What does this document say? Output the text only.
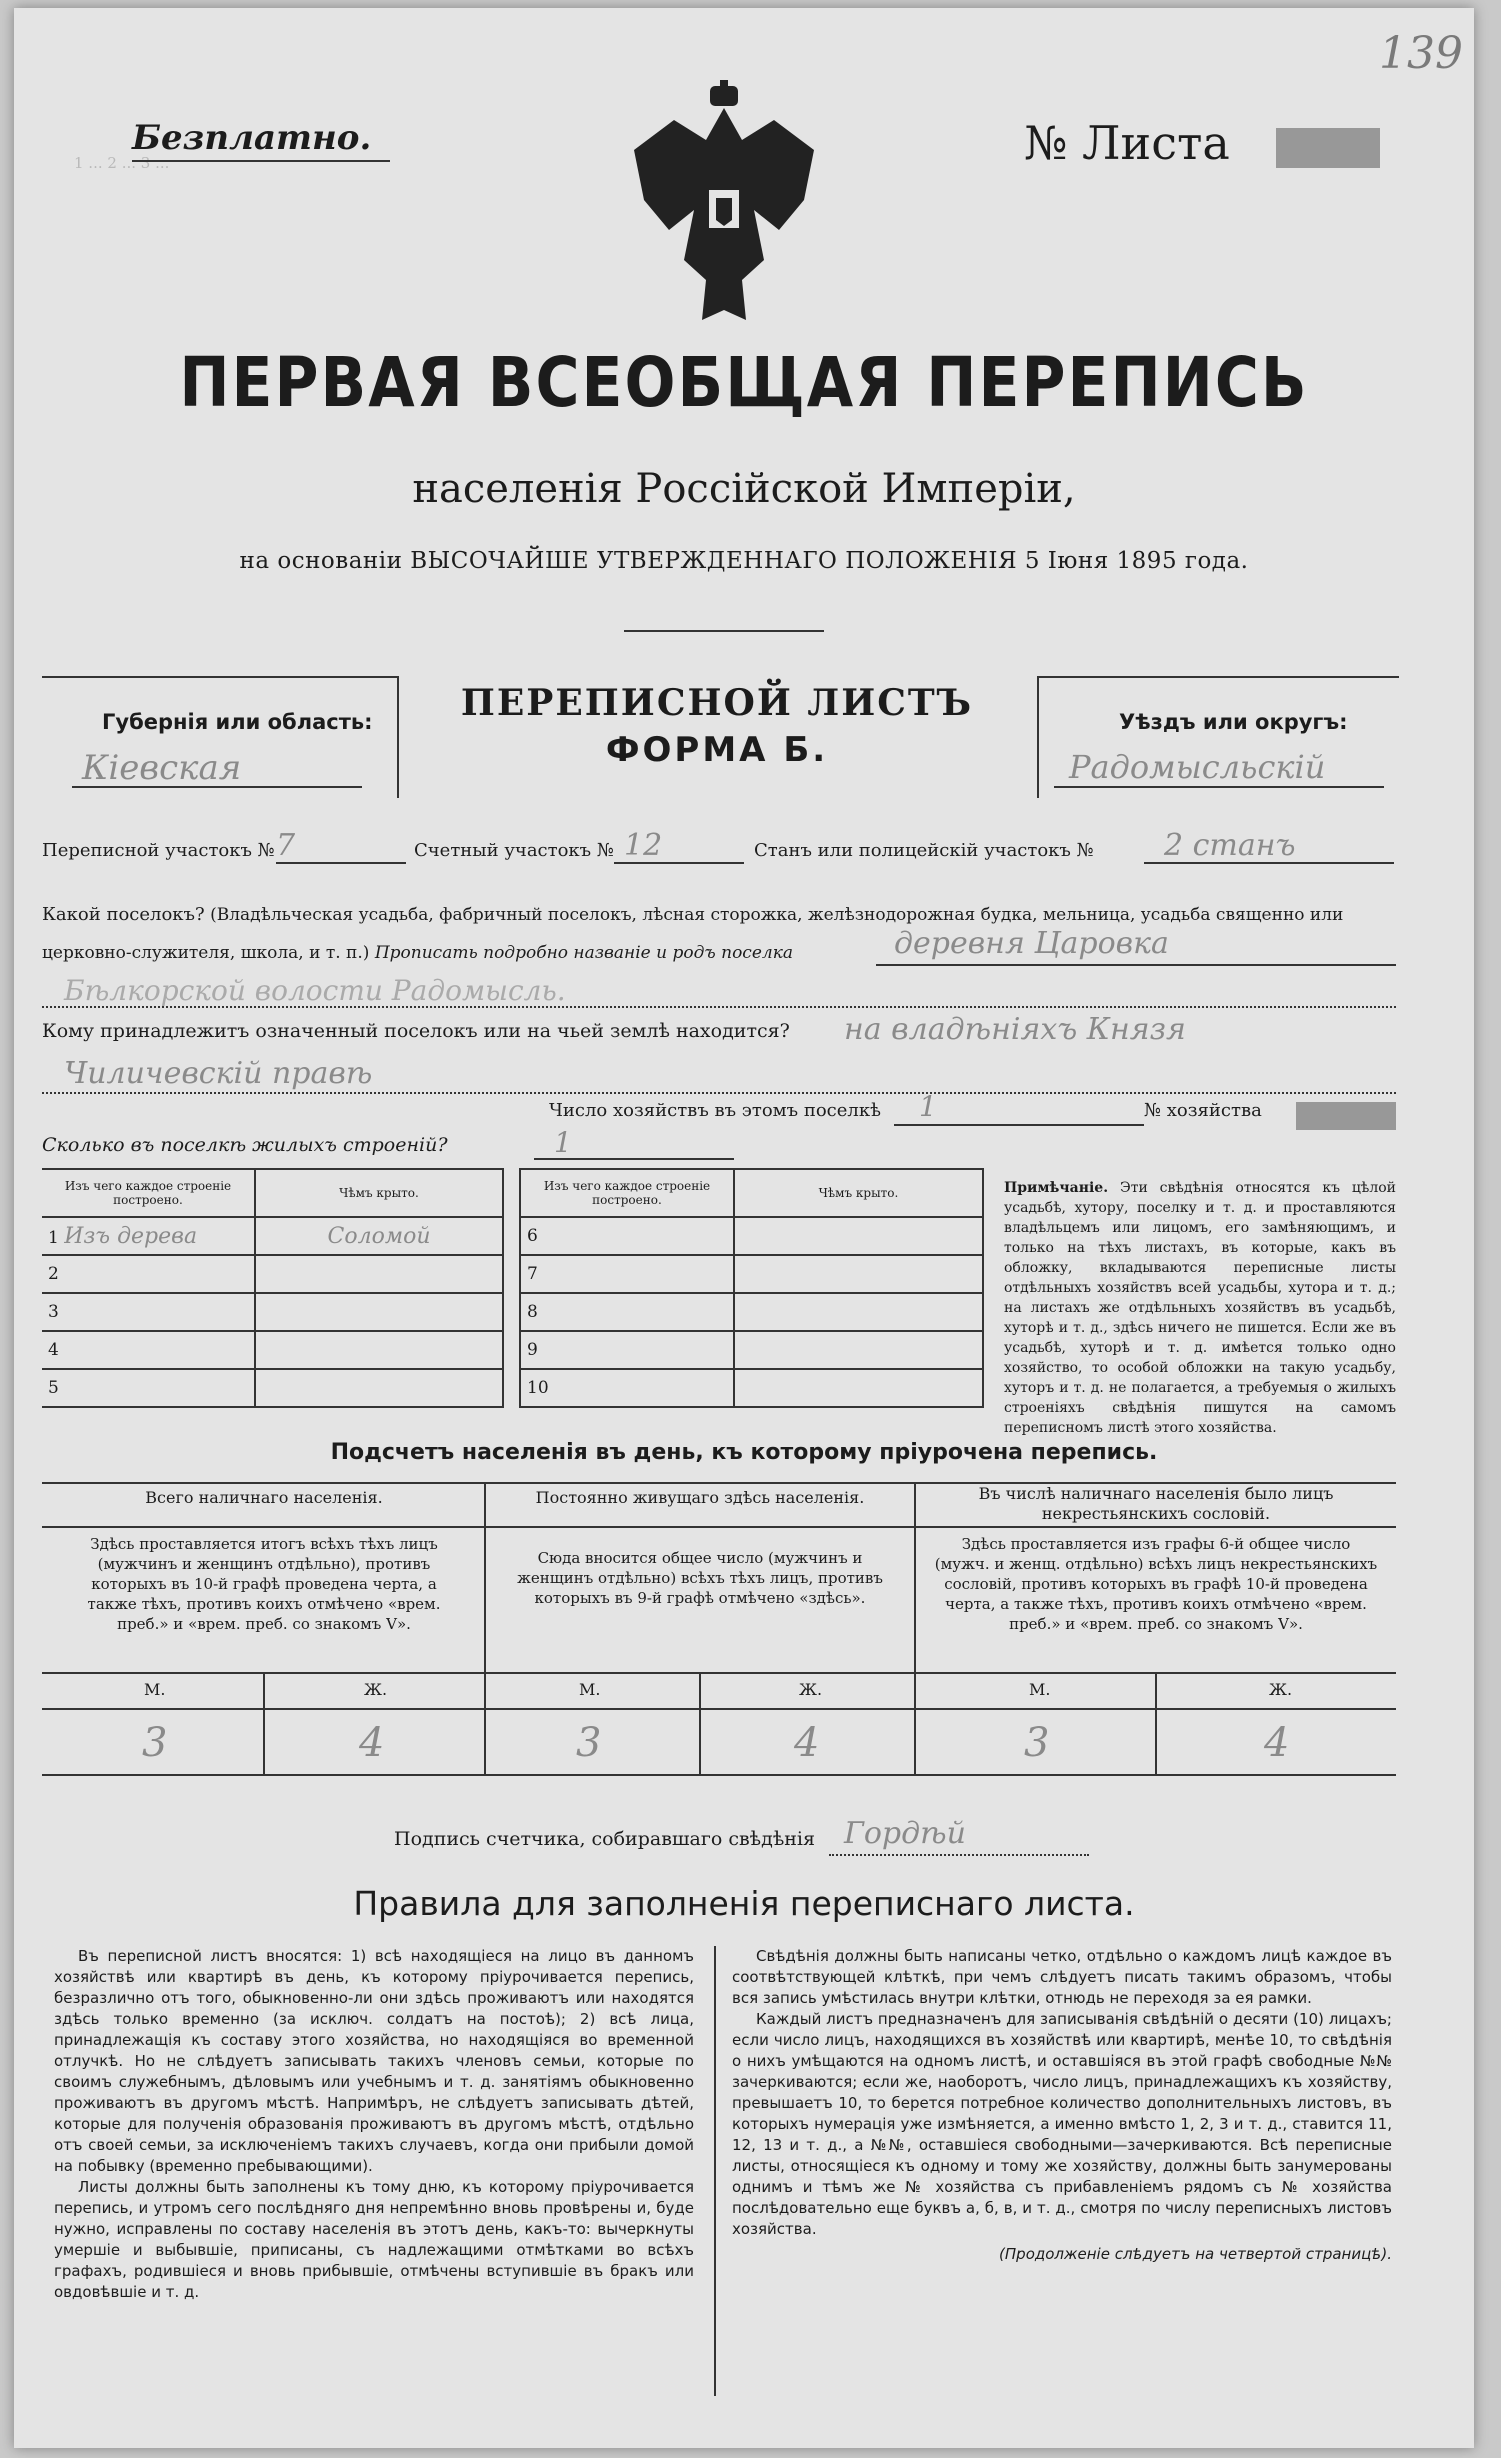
1 ... 2 ... 3 ...
139
Безплатно.	№ Листа
ПЕРВАЯ ВСЕОБЩАЯ ПЕРЕПИСЬ
населенія Россійской Имперіи,
на основаніи ВЫСОЧАЙШЕ УТВЕРЖДЕННАГО ПОЛОЖЕНІЯ 5 Іюня 1895 года.
Губернія или область:
Кіевская
ПЕРЕПИСНОЙ ЛИСТЪ
ФОРМА Б.
Уѣздъ или округъ:
Радомысльскій
Переписной участокъ № 7	Счетный участокъ № 12	Станъ или полицейскій участокъ № 2 станъ
Какой поселокъ? (Владѣльческая усадьба, фабричный поселокъ, лѣсная сторожка, желѣзнодорожная будка, мельница, усадьба священно или церковно-служителя, школа, и т. п.) Прописать подробно названіе и родъ поселка	деревня Царовка
Бѣлкорской волости Радомысль.
Кому принадлежитъ означенный поселокъ или на чьей землѣ находится? на владѣніяхъ Князя
Чиличевскій правѣ
Число хозяйствъ въ этомъ поселкѣ 1	№ хозяйства
Сколько въ поселкѣ жилыхъ строеній?	1
Изъ чего каждое строеніе построено.	Чѣмъ крыто.
1 Изъ дерева	Соломой
2	
3	
4	
5	
Изъ чего каждое строеніе построено.	Чѣмъ крыто.
6	
7	
8	
9	
10	
Примѣчаніе. Эти свѣдѣнія относятся къ цѣлой усадьбѣ, хутору, поселку и т. д. и проставляются владѣльцемъ или лицомъ, его замѣняющимъ, и только на тѣхъ листахъ, въ которые, какъ въ обложку, вкладываются переписные листы отдѣльныхъ хозяйствъ всей усадьбы, хутора и т. д.; на листахъ же отдѣльныхъ хозяйствъ въ усадьбѣ, хуторѣ и т. д., здѣсь ничего не пишется. Если же въ усадьбѣ, хуторѣ и т. д. имѣется только одно хозяйство, то особой обложки на такую усадьбу, хуторъ и т. д. не полагается, а требуемыя о жилыхъ строеніяхъ свѣдѣнія пишутся на самомъ переписномъ листѣ этого хозяйства.
Подсчетъ населенія въ день, къ которому пріурочена перепись.
Всего наличнаго населенія.
Здѣсь проставляется итогъ всѣхъ тѣхъ лицъ (мужчинъ и женщинъ отдѣльно), противъ которыхъ въ 10-й графѣ проведена черта, а также тѣхъ, противъ коихъ отмѣчено «врем. преб.» и «врем. преб. со знакомъ V».
Постоянно живущаго здѣсь населенія.
Сюда вносится общее число (мужчинъ и женщинъ отдѣльно) всѣхъ тѣхъ лицъ, противъ которыхъ въ 9-й графѣ отмѣчено «здѣсь».
Въ числѣ наличнаго населенія было лицъ некрестьянскихъ сословій.
Здѣсь проставляется изъ графы 6-й общее число (мужч. и женщ. отдѣльно) всѣхъ лицъ некрестьянскихъ сословій, противъ которыхъ въ графѣ 10-й проведена черта, а также тѣхъ, противъ коихъ отмѣчено «врем. преб.» и «врем. преб. со знакомъ V».
М.	Ж.	М.	Ж.	М.	Ж.
3	4	3	4	3	4
Подпись счетчика, собиравшаго свѣдѣнія Гордѣй
Правила для заполненія переписнаго листа.
Въ переписной листъ вносятся: 1) всѣ находящіеся на лицо въ данномъ хозяйствѣ или квартирѣ въ день, къ которому пріурочивается перепись, безразлично отъ того, обыкновенно-ли они здѣсь проживаютъ или находятся здѣсь только временно (за исключ. солдатъ на постоѣ); 2) всѣ лица, принадлежащія къ составу этого хозяйства, но находящіяся во временной отлучкѣ. Но не слѣдуетъ записывать такихъ членовъ семьи, которые по своимъ служебнымъ, дѣловымъ или учебнымъ и т. д. занятіямъ обыкновенно проживаютъ въ другомъ мѣстѣ. Напримѣръ, не слѣдуетъ записывать дѣтей, которые для полученія образованія проживаютъ въ другомъ мѣстѣ, отдѣльно отъ своей семьи, за исключеніемъ такихъ случаевъ, когда они прибыли домой на побывку (временно пребывающими).
Листы должны быть заполнены къ тому дню, къ которому пріурочивается перепись, и утромъ сего послѣдняго дня непремѣнно вновь провѣрены и, буде нужно, исправлены по составу населенія въ этотъ день, какъ-то: вычеркнуты умершіе и выбывшіе, приписаны, съ надлежащими отмѣтками во всѣхъ графахъ, родившіеся и вновь прибывшіе, отмѣчены вступившіе въ бракъ или овдовѣвшіе и т. д.
Свѣдѣнія должны быть написаны четко, отдѣльно о каждомъ лицѣ каждое въ соотвѣтствующей клѣткѣ, при чемъ слѣдуетъ писать такимъ образомъ, чтобы вся запись умѣстилась внутри клѣтки, отнюдь не переходя за ея рамки.
Каждый листъ предназначенъ для записыванія свѣдѣній о десяти (10) лицахъ; если число лицъ, находящихся въ хозяйствѣ или квартирѣ, менѣе 10, то свѣдѣнія о нихъ умѣщаются на одномъ листѣ, и оставшіяся въ этой графѣ свободные №№ зачеркиваются; если же, наоборотъ, число лицъ, принадлежащихъ къ хозяйству, превышаетъ 10, то берется потребное количество дополнительныхъ листовъ, въ которыхъ нумерація уже измѣняется, а именно вмѣсто 1, 2, 3 и т. д., ставится 11, 12, 13 и т. д., а №№, оставшіеся свободными—зачеркиваются. Всѣ переписные листы, относящіеся къ одному и тому же хозяйству, должны быть занумерованы однимъ и тѣмъ же № хозяйства съ прибавленіемъ рядомъ съ № хозяйства послѣдовательно еще буквъ а, б, в, и т. д., смотря по числу переписныхъ листовъ хозяйства.
(Продолженіе слѣдуетъ на четвертой страницѣ).
